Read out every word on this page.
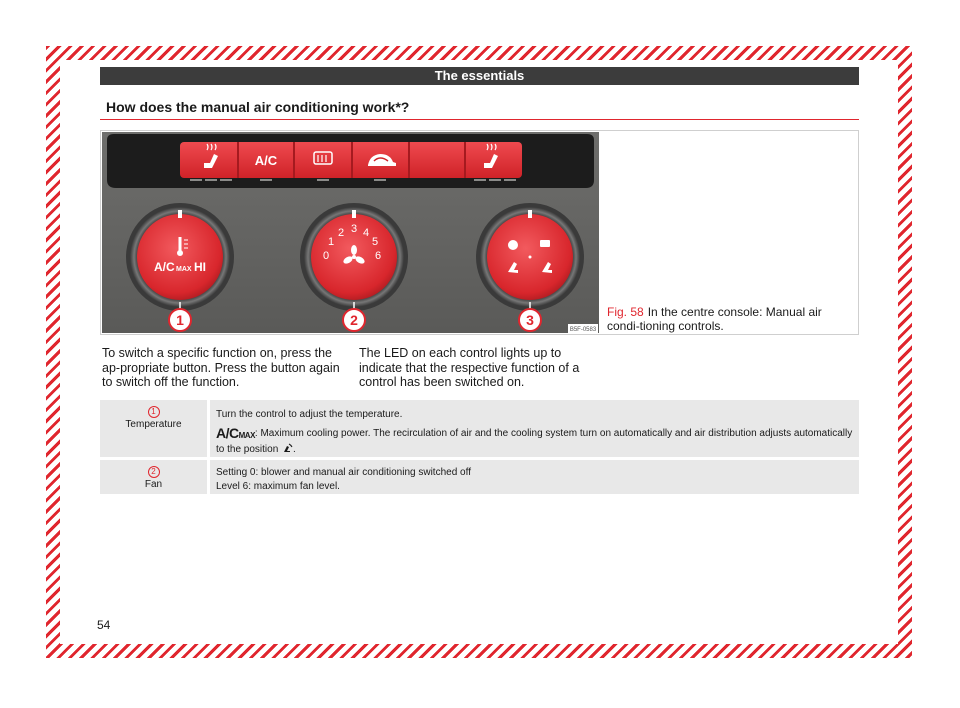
The essentials
How does the manual air conditioning work*?
A/C
A/C MAX HI
0
1
2 3 4
5
6
1	2	3
B5F-0583
Fig. 58 In the centre console: Manual air condi-tioning controls.
To switch a specific function on, press the ap-propriate button. Press the button again to switch off the function.
The LED on each control lights up to indicate that the respective function of a control has been switched on.
1
Temperature
Turn the control to adjust the temperature.
A/CMAX: Maximum cooling power. The recirculation of air and the cooling system turn on automatically and air distribution adjusts automatically to the position .
2
Fan
Setting 0: blower and manual air conditioning switched off
Level 6: maximum fan level.
54
